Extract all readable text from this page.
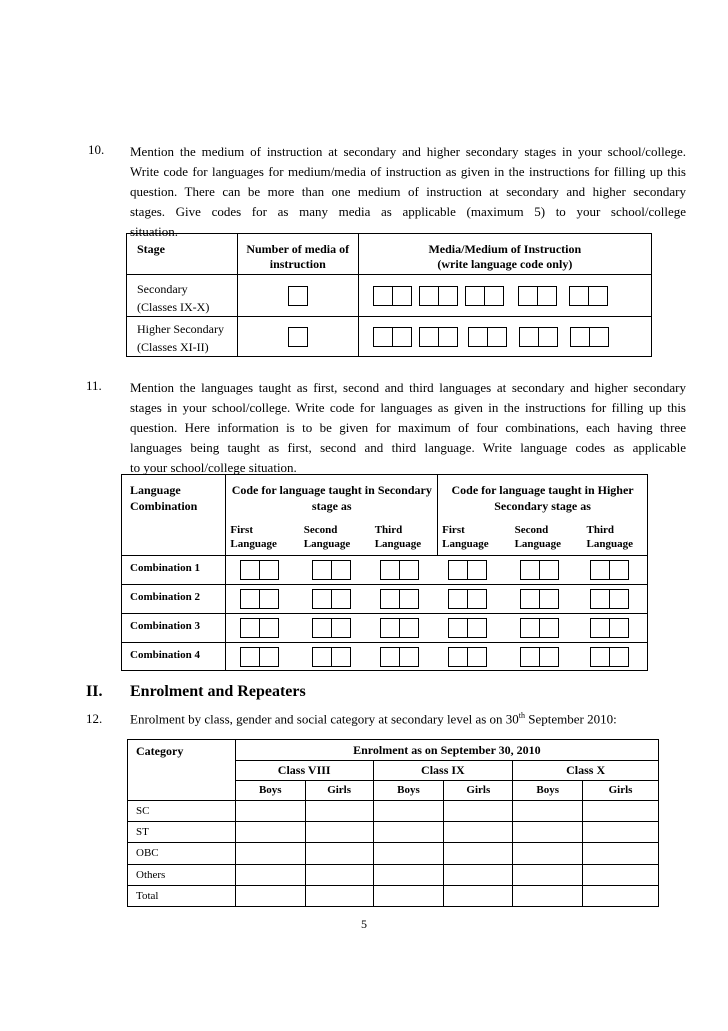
10. Mention the medium of instruction at secondary and higher secondary stages in your school/college.
Write code for languages for medium/media of instruction as given in the instructions for filling up this
question. There can be more than one medium of instruction at secondary and higher secondary
stages. Give codes for as many media as applicable (maximum 5) to your school/college
situation.
Stage	Number of media of instruction	Media/Medium of Instruction
(write language code only)

Secondary
(Classes IX-X)		

Higher Secondary
(Classes XI-II)		

11. Mention the languages taught as first, second and third languages at secondary and higher secondary
stages in your school/college. Write code for languages as given in the instructions for filling up this
question. Here information is to be given for maximum of four combinations, each having three
languages being taught as first, second and third language. Write language codes as applicable
to your school/college situation.
Language Combination	Code for language taught in Secondary stage as			Code for language taught in Higher Secondary stage as		
	First Language	Second Language	Third Language	First Language	Second Language	Third Language
Combination 1						
Combination 2						
Combination 3						
Combination 4						
II. Enrolment and Repeaters
12. Enrolment by class, gender and social category at secondary level as on 30th September 2010:
Category	Enrolment as on September 30, 2010					
	Class VIII		Class IX		Class X	
	Boys	Girls	Boys	Girls	Boys	Girls
SC						
ST						
OBC						
Others						
Total						
5
